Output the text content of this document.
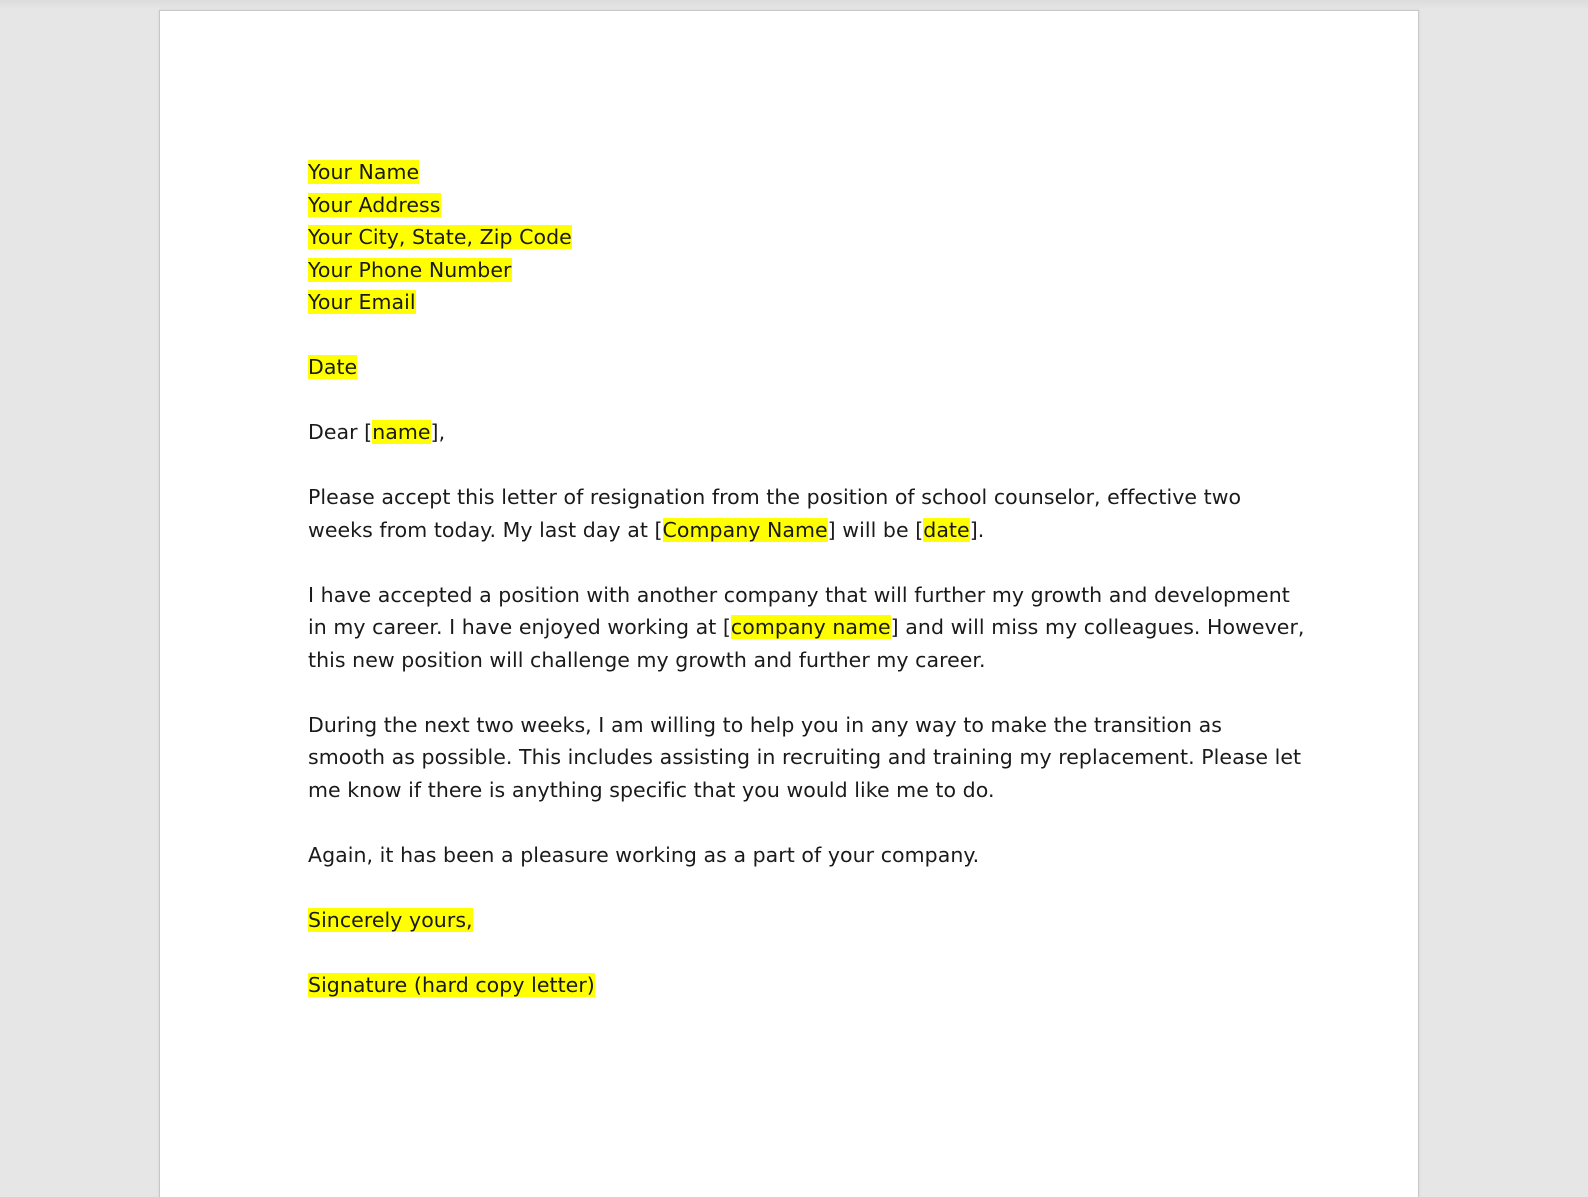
Your Name
Your Address
Your City, State, Zip Code
Your Phone Number
Your Email
Date
Dear [name],
Please accept this letter of resignation from the position of school counselor, effective two
weeks from today. My last day at [Company Name] will be [date].
I have accepted a position with another company that will further my growth and development
in my career. I have enjoyed working at [company name] and will miss my colleagues. However,
this new position will challenge my growth and further my career.
During the next two weeks, I am willing to help you in any way to make the transition as
smooth as possible. This includes assisting in recruiting and training my replacement. Please let
me know if there is anything specific that you would like me to do.
Again, it has been a pleasure working as a part of your company.
Sincerely yours,
Signature (hard copy letter)
